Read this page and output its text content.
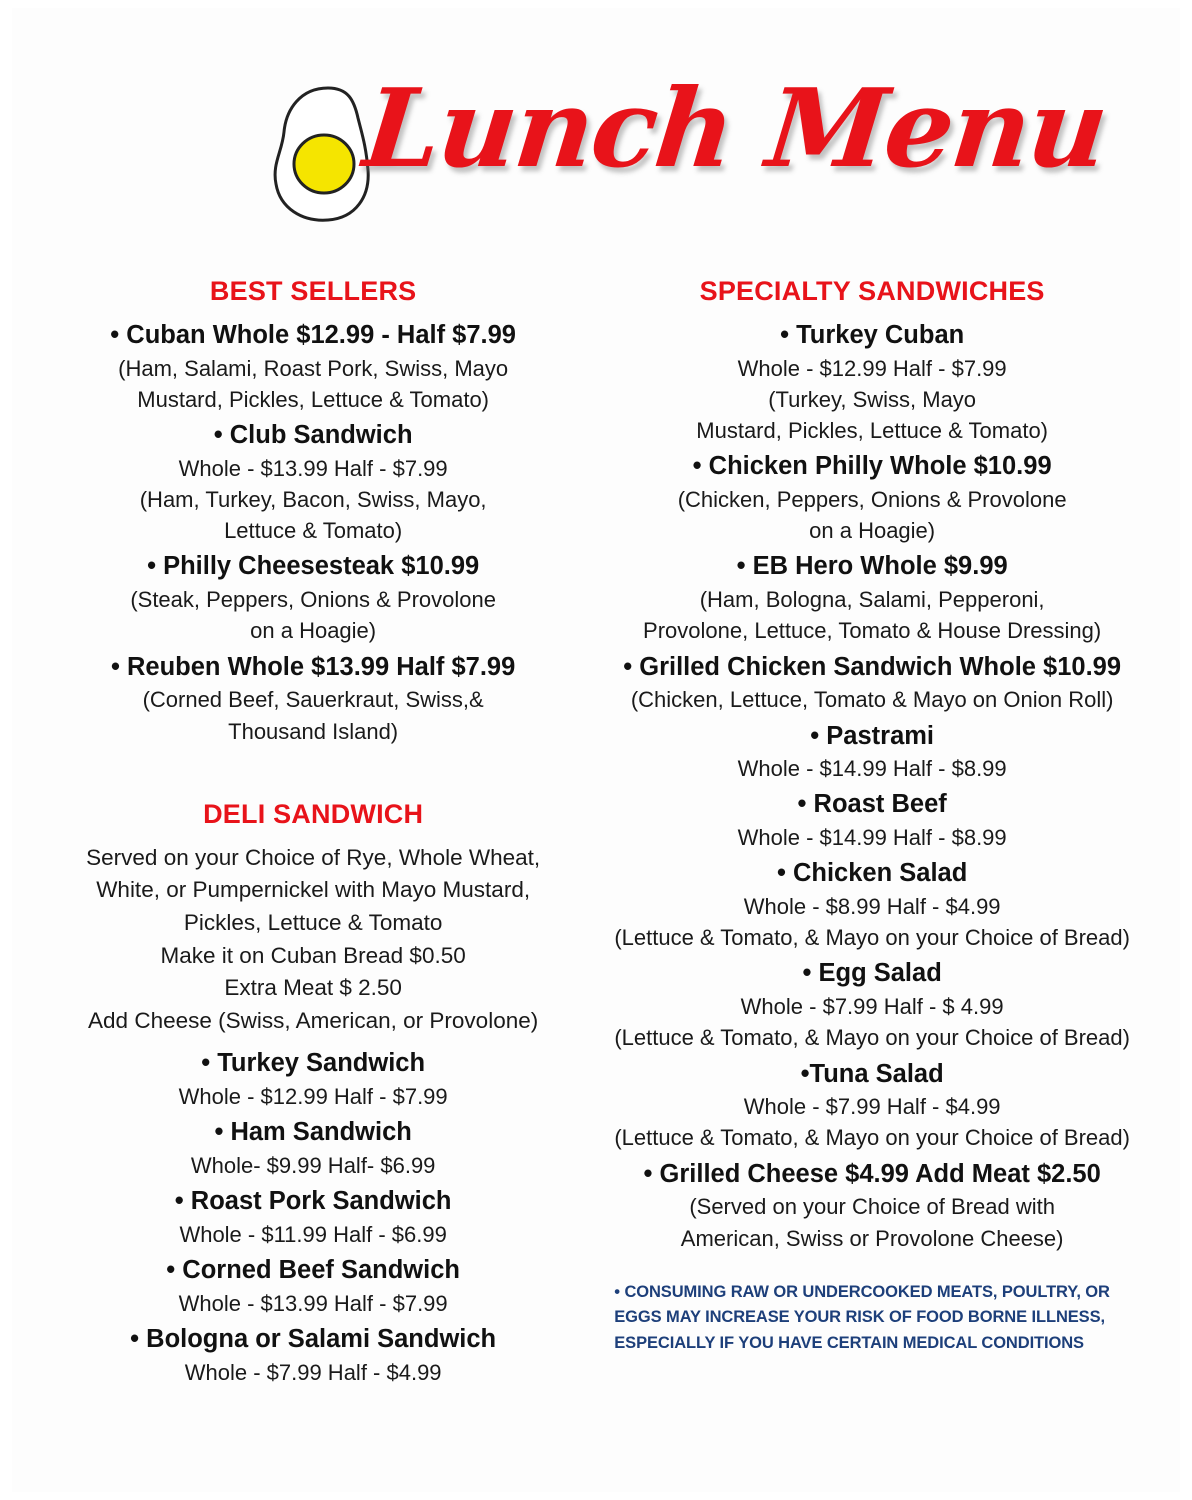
Lunch Menu
BEST SELLERS

• Cuban Whole $12.99 - Half $7.99

(Ham, Salami, Roast Pork, Swiss, Mayo

Mustard, Pickles, Lettuce & Tomato)

• Club Sandwich

Whole - $13.99 Half - $7.99

(Ham, Turkey, Bacon, Swiss, Mayo,

Lettuce & Tomato)

• Philly Cheesesteak $10.99

(Steak, Peppers, Onions & Provolone

on a Hoagie)

• Reuben Whole $13.99 Half $7.99

(Corned Beef, Sauerkraut, Swiss,&

Thousand Island)

DELI SANDWICH

Served on your Choice of Rye, Whole Wheat,

White, or Pumpernickel with Mayo Mustard,

Pickles, Lettuce & Tomato

Make it on Cuban Bread $0.50

Extra Meat $ 2.50

Add Cheese (Swiss, American, or Provolone)

• Turkey Sandwich

Whole - $12.99 Half - $7.99

• Ham Sandwich

Whole- $9.99 Half- $6.99

• Roast Pork Sandwich

Whole - $11.99 Half - $6.99

• Corned Beef Sandwich

Whole - $13.99 Half - $7.99

• Bologna or Salami Sandwich

Whole - $7.99 Half - $4.99

SPECIALTY SANDWICHES

• Turkey Cuban

Whole - $12.99 Half - $7.99

(Turkey, Swiss, Mayo

Mustard, Pickles, Lettuce & Tomato)

• Chicken Philly Whole $10.99

(Chicken, Peppers, Onions & Provolone

on a Hoagie)

• EB Hero Whole $9.99

(Ham, Bologna, Salami, Pepperoni,

Provolone, Lettuce, Tomato & House Dressing)

• Grilled Chicken Sandwich Whole $10.99

(Chicken, Lettuce, Tomato & Mayo on Onion Roll)

• Pastrami

Whole - $14.99 Half - $8.99

• Roast Beef

Whole - $14.99 Half - $8.99

• Chicken Salad

Whole - $8.99 Half - $4.99

(Lettuce & Tomato, & Mayo on your Choice of Bread)

• Egg Salad

Whole - $7.99 Half - $ 4.99

(Lettuce & Tomato, & Mayo on your Choice of Bread)

•Tuna Salad

Whole - $7.99 Half - $4.99

(Lettuce & Tomato, & Mayo on your Choice of Bread)

• Grilled Cheese $4.99 Add Meat $2.50

(Served on your Choice of Bread with

American, Swiss or Provolone Cheese)

• CONSUMING RAW OR UNDERCOOKED MEATS, POULTRY, OR EGGS MAY INCREASE YOUR RISK OF FOOD BORNE ILLNESS, ESPECIALLY IF YOU HAVE CERTAIN MEDICAL CONDITIONS
